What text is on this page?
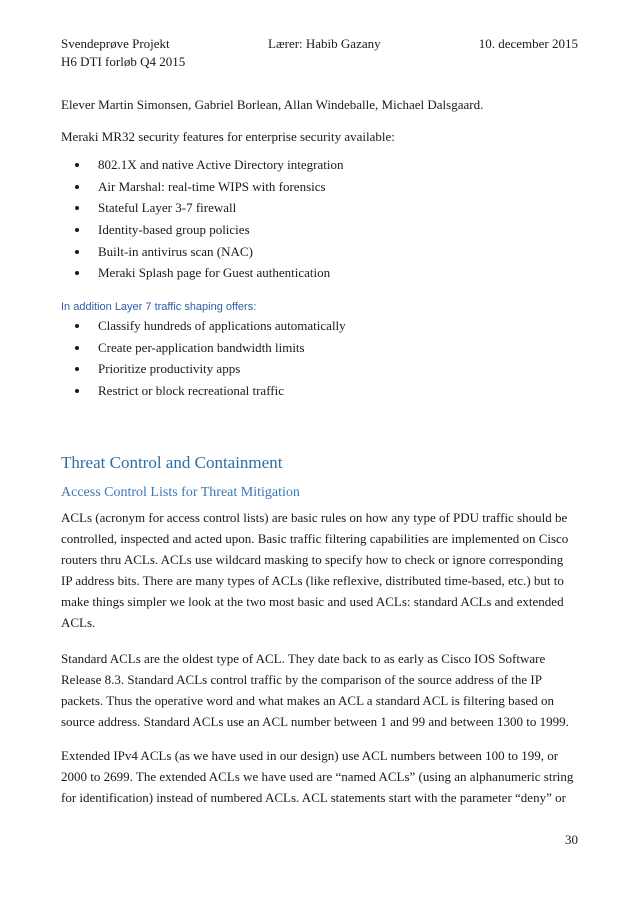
Svendeprøve Projekt
H6 DTI forløb Q4 2015
Lærer: Habib Gazany	10. december 2015

Elever Martin Simonsen, Gabriel Borlean, Allan Windeballe, Michael Dalsgaard.

Meraki MR32 security features for enterprise security available:

802.1X and native Active Directory integration
Air Marshal: real-time WIPS with forensics
Stateful Layer 3-7 firewall
Identity-based group policies
Built-in antivirus scan (NAC)
Meraki Splash page for Guest authentication

In addition Layer 7 traffic shaping offers:

Classify hundreds of applications automatically
Create per-application bandwidth limits
Prioritize productivity apps
Restrict or block recreational traffic

Threat Control and Containment

Access Control Lists for Threat Mitigation

ACLs (acronym for access control lists) are basic rules on how any type of PDU traffic should be

controlled, inspected and acted upon. Basic traffic filtering capabilities are implemented on Cisco

routers thru ACLs. ACLs use wildcard masking to specify how to check or ignore corresponding

IP address bits. There are many types of ACLs (like reflexive, distributed time-based, etc.) but to

make things simpler we look at the two most basic and used ACLs: standard ACLs and extended

ACLs.

Standard ACLs are the oldest type of ACL. They date back to as early as Cisco IOS Software

Release 8.3. Standard ACLs control traffic by the comparison of the source address of the IP

packets. Thus the operative word and what makes an ACL a standard ACL is filtering based on

source address. Standard ACLs use an ACL number between 1 and 99 and between 1300 to 1999.

Extended IPv4 ACLs (as we have used in our design) use ACL numbers between 100 to 199, or

2000 to 2699. The extended ACLs we have used are “named ACLs” (using an alphanumeric string

for identification) instead of numbered ACLs. ACL statements start with the parameter “deny” or

30
